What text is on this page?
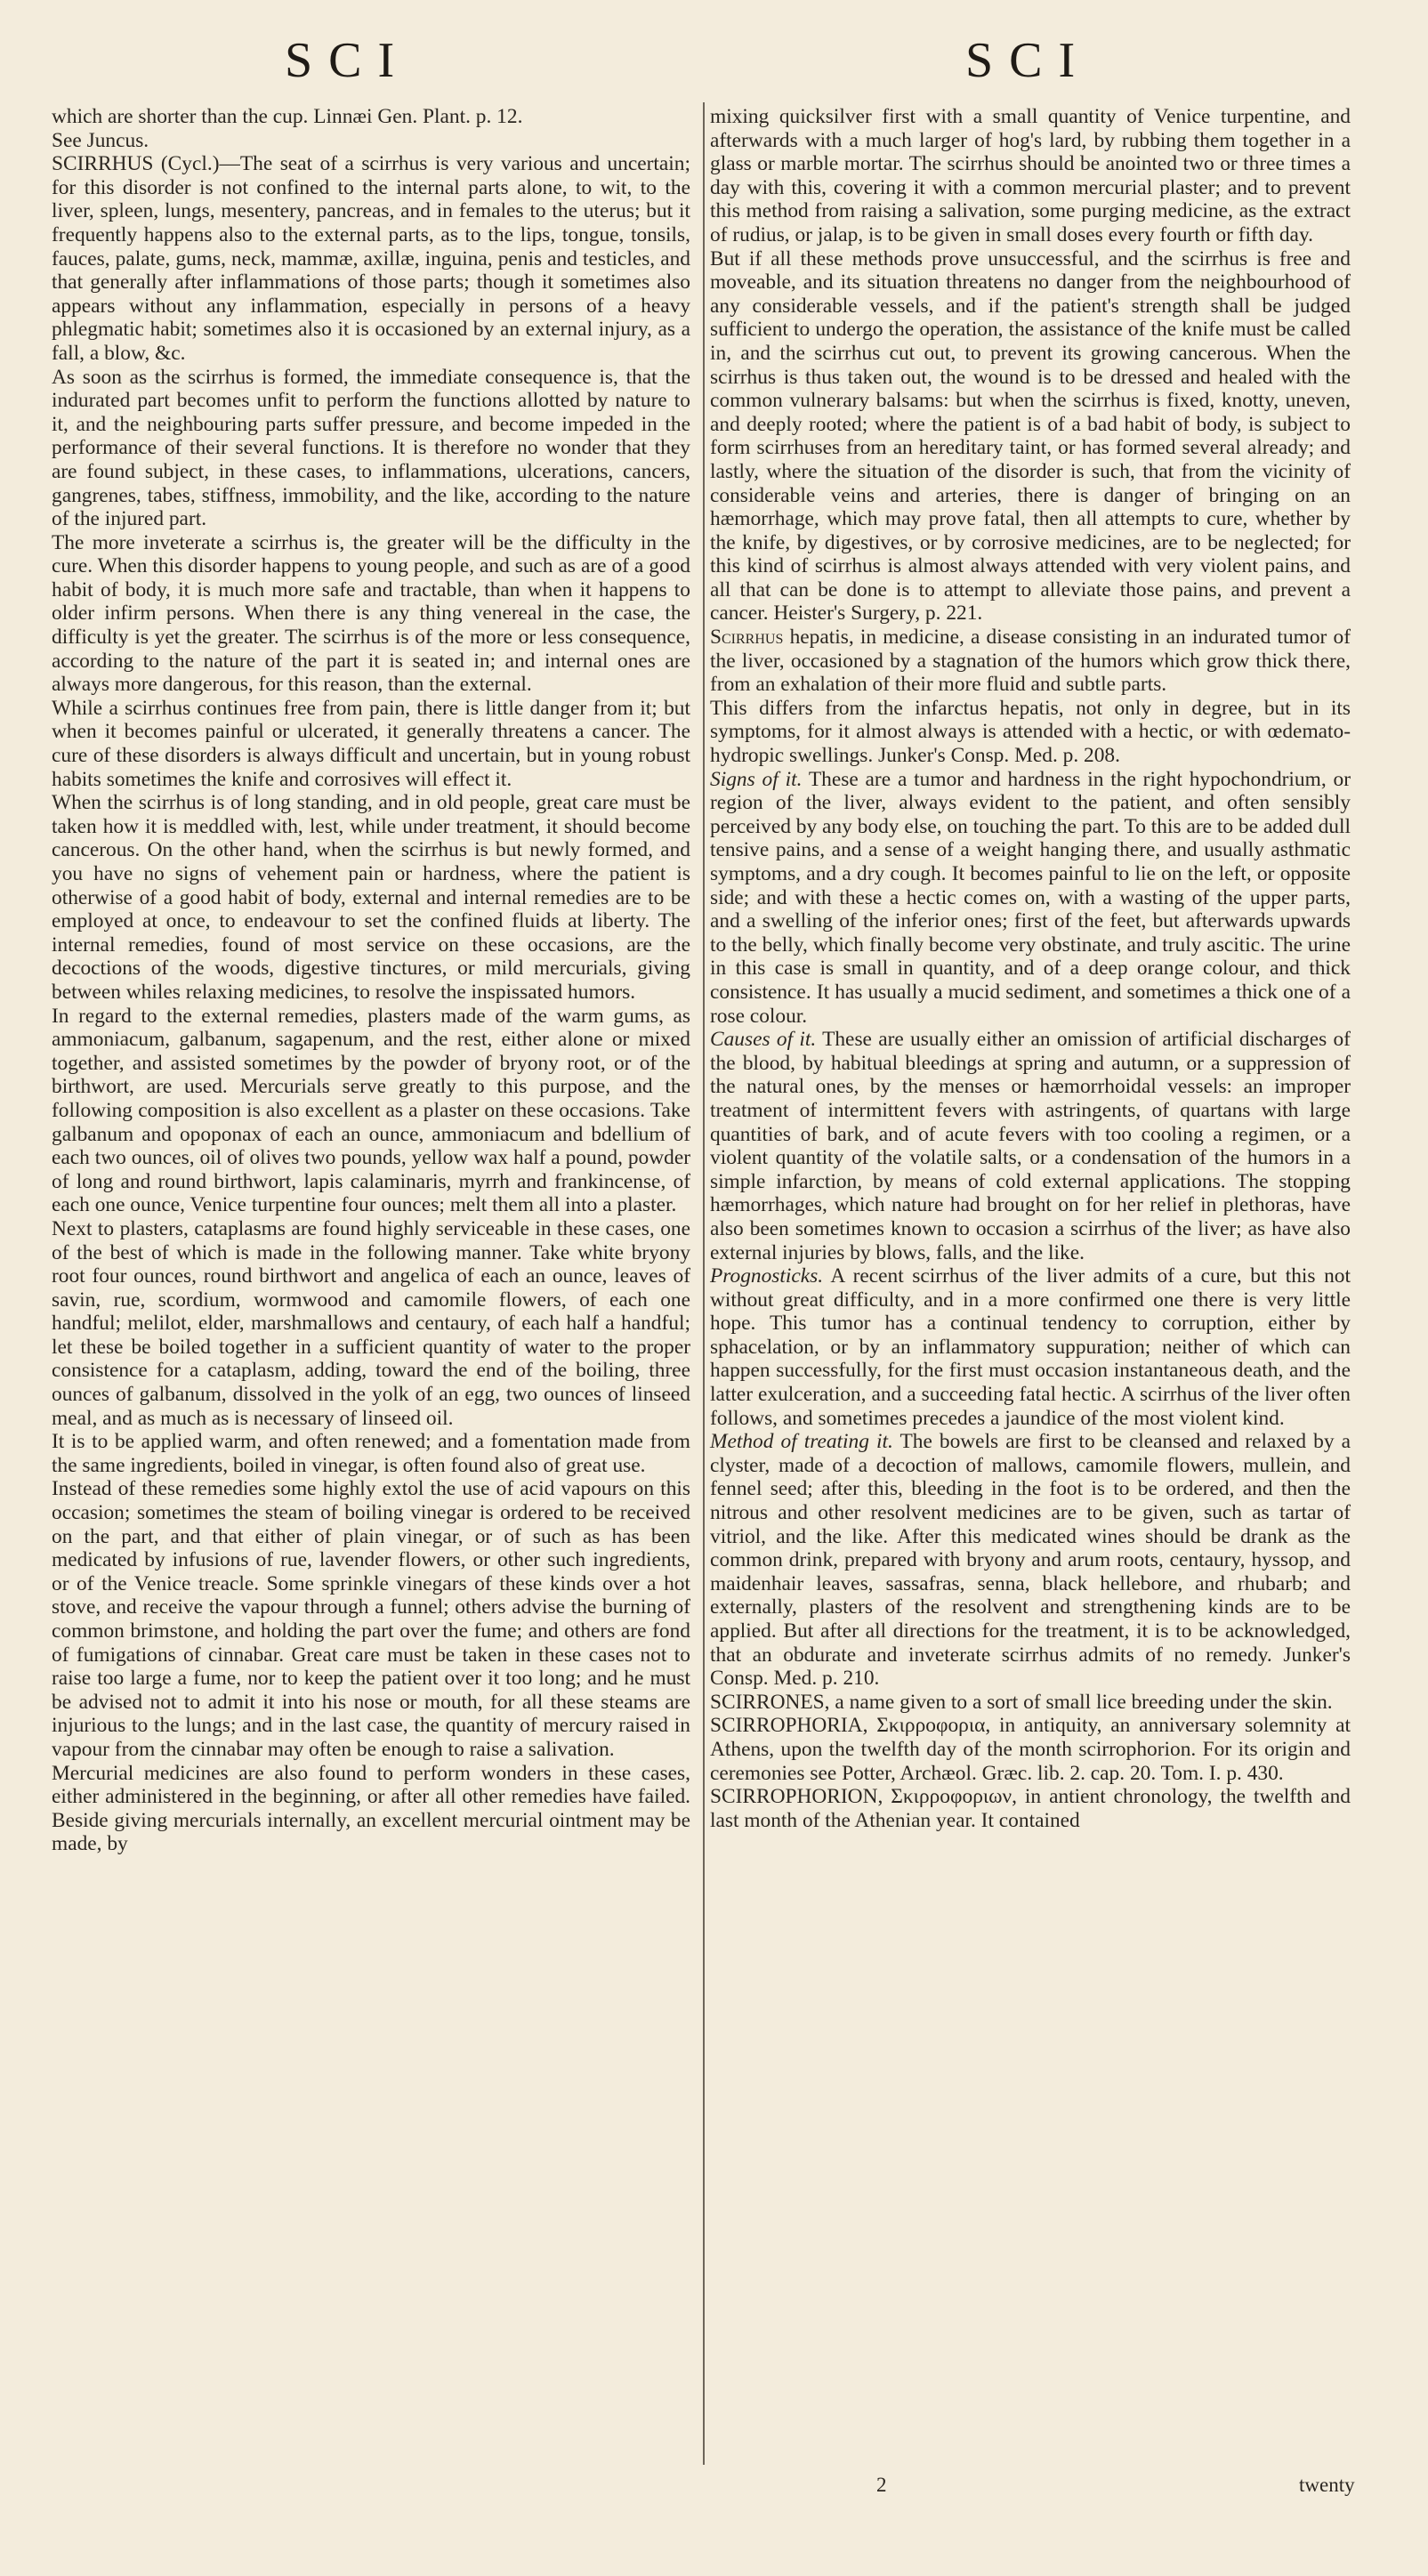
SCI	SCI

which are shorter than the cup. Linnæi Gen. Plant. p. 12.

See Juncus.

SCIRRHUS (Cycl.)—The seat of a scirrhus is very various and uncertain; for this disorder is not confined to the internal parts alone, to wit, to the liver, spleen, lungs, mesentery, pancreas, and in females to the uterus; but it frequently happens also to the external parts, as to the lips, tongue, tonsils, fauces, palate, gums, neck, mammæ, axillæ, inguina, penis and testicles, and that generally after inflammations of those parts; though it sometimes also appears without any inflammation, especially in persons of a heavy phlegmatic habit; sometimes also it is occasioned by an external injury, as a fall, a blow, &c.

As soon as the scirrhus is formed, the immediate consequence is, that the indurated part becomes unfit to perform the functions allotted by nature to it, and the neighbouring parts suffer pressure, and become impeded in the performance of their several functions. It is therefore no wonder that they are found subject, in these cases, to inflammations, ulcerations, cancers, gangrenes, tabes, stiffness, immobility, and the like, according to the nature of the injured part.

The more inveterate a scirrhus is, the greater will be the difficulty in the cure. When this disorder happens to young people, and such as are of a good habit of body, it is much more safe and tractable, than when it happens to older infirm persons. When there is any thing venereal in the case, the difficulty is yet the greater. The scirrhus is of the more or less consequence, according to the nature of the part it is seated in; and internal ones are always more dangerous, for this reason, than the external.

While a scirrhus continues free from pain, there is little danger from it; but when it becomes painful or ulcerated, it generally threatens a cancer. The cure of these disorders is always difficult and uncertain, but in young robust habits sometimes the knife and corrosives will effect it.

When the scirrhus is of long standing, and in old people, great care must be taken how it is meddled with, lest, while under treatment, it should become cancerous. On the other hand, when the scirrhus is but newly formed, and you have no signs of vehement pain or hardness, where the patient is otherwise of a good habit of body, external and internal remedies are to be employed at once, to endeavour to set the confined fluids at liberty. The internal remedies, found of most service on these occasions, are the decoctions of the woods, digestive tinctures, or mild mercurials, giving between whiles relaxing medicines, to resolve the inspissated humors.

In regard to the external remedies, plasters made of the warm gums, as ammoniacum, galbanum, sagapenum, and the rest, either alone or mixed together, and assisted sometimes by the powder of bryony root, or of the birthwort, are used. Mercurials serve greatly to this purpose, and the following composition is also excellent as a plaster on these occasions. Take galbanum and opoponax of each an ounce, ammoniacum and bdellium of each two ounces, oil of olives two pounds, yellow wax half a pound, powder of long and round birthwort, lapis calaminaris, myrrh and frankincense, of each one ounce, Venice turpentine four ounces; melt them all into a plaster.

Next to plasters, cataplasms are found highly serviceable in these cases, one of the best of which is made in the following manner. Take white bryony root four ounces, round birthwort and angelica of each an ounce, leaves of savin, rue, scordium, wormwood and camomile flowers, of each one handful; melilot, elder, marshmallows and centaury, of each half a handful; let these be boiled together in a sufficient quantity of water to the proper consistence for a cataplasm, adding, toward the end of the boiling, three ounces of galbanum, dissolved in the yolk of an egg, two ounces of linseed meal, and as much as is necessary of linseed oil.

It is to be applied warm, and often renewed; and a fomentation made from the same ingredients, boiled in vinegar, is often found also of great use.

Instead of these remedies some highly extol the use of acid vapours on this occasion; sometimes the steam of boiling vinegar is ordered to be received on the part, and that either of plain vinegar, or of such as has been medicated by infusions of rue, lavender flowers, or other such ingredients, or of the Venice treacle. Some sprinkle vinegars of these kinds over a hot stove, and receive the vapour through a funnel; others advise the burning of common brimstone, and holding the part over the fume; and others are fond of fumigations of cinnabar. Great care must be taken in these cases not to raise too large a fume, nor to keep the patient over it too long; and he must be advised not to admit it into his nose or mouth, for all these steams are injurious to the lungs; and in the last case, the quantity of mercury raised in vapour from the cinnabar may often be enough to raise a salivation.

Mercurial medicines are also found to perform wonders in these cases, either administered in the beginning, or after all other remedies have failed. Beside giving mercurials internally, an excellent mercurial ointment may be made, by

mixing quicksilver first with a small quantity of Venice turpentine, and afterwards with a much larger of hog's lard, by rubbing them together in a glass or marble mortar. The scirrhus should be anointed two or three times a day with this, covering it with a common mercurial plaster; and to prevent this method from raising a salivation, some purging medicine, as the extract of rudius, or jalap, is to be given in small doses every fourth or fifth day.

But if all these methods prove unsuccessful, and the scirrhus is free and moveable, and its situation threatens no danger from the neighbourhood of any considerable vessels, and if the patient's strength shall be judged sufficient to undergo the operation, the assistance of the knife must be called in, and the scirrhus cut out, to prevent its growing cancerous. When the scirrhus is thus taken out, the wound is to be dressed and healed with the common vulnerary balsams: but when the scirrhus is fixed, knotty, uneven, and deeply rooted; where the patient is of a bad habit of body, is subject to form scirrhuses from an hereditary taint, or has formed several already; and lastly, where the situation of the disorder is such, that from the vicinity of considerable veins and arteries, there is danger of bringing on an hæmorrhage, which may prove fatal, then all attempts to cure, whether by the knife, by digestives, or by corrosive medicines, are to be neglected; for this kind of scirrhus is almost always attended with very violent pains, and all that can be done is to attempt to alleviate those pains, and prevent a cancer. Heister's Surgery, p. 221.

Scirrhus hepatis, in medicine, a disease consisting in an indurated tumor of the liver, occasioned by a stagnation of the humors which grow thick there, from an exhalation of their more fluid and subtle parts.

This differs from the infarctus hepatis, not only in degree, but in its symptoms, for it almost always is attended with a hectic, or with œdemato-hydropic swellings. Junker's Consp. Med. p. 208.

Signs of it. These are a tumor and hardness in the right hypochondrium, or region of the liver, always evident to the patient, and often sensibly perceived by any body else, on touching the part. To this are to be added dull tensive pains, and a sense of a weight hanging there, and usually asthmatic symptoms, and a dry cough. It becomes painful to lie on the left, or opposite side; and with these a hectic comes on, with a wasting of the upper parts, and a swelling of the inferior ones; first of the feet, but afterwards upwards to the belly, which finally become very obstinate, and truly ascitic. The urine in this case is small in quantity, and of a deep orange colour, and thick consistence. It has usually a mucid sediment, and sometimes a thick one of a rose colour.

Causes of it. These are usually either an omission of artificial discharges of the blood, by habitual bleedings at spring and autumn, or a suppression of the natural ones, by the menses or hæmorrhoidal vessels: an improper treatment of intermittent fevers with astringents, of quartans with large quantities of bark, and of acute fevers with too cooling a regimen, or a violent quantity of the volatile salts, or a condensation of the humors in a simple infarction, by means of cold external applications. The stopping hæmorrhages, which nature had brought on for her relief in plethoras, have also been sometimes known to occasion a scirrhus of the liver; as have also external injuries by blows, falls, and the like.

Prognosticks. A recent scirrhus of the liver admits of a cure, but this not without great difficulty, and in a more confirmed one there is very little hope. This tumor has a continual tendency to corruption, either by sphacelation, or by an inflammatory suppuration; neither of which can happen successfully, for the first must occasion instantaneous death, and the latter exulceration, and a succeeding fatal hectic. A scirrhus of the liver often follows, and sometimes precedes a jaundice of the most violent kind.

Method of treating it. The bowels are first to be cleansed and relaxed by a clyster, made of a decoction of mallows, camomile flowers, mullein, and fennel seed; after this, bleeding in the foot is to be ordered, and then the nitrous and other resolvent medicines are to be given, such as tartar of vitriol, and the like. After this medicated wines should be drank as the common drink, prepared with bryony and arum roots, centaury, hyssop, and maidenhair leaves, sassafras, senna, black hellebore, and rhubarb; and externally, plasters of the resolvent and strengthening kinds are to be applied. But after all directions for the treatment, it is to be acknowledged, that an obdurate and inveterate scirrhus admits of no remedy. Junker's Consp. Med. p. 210.

SCIRRONES, a name given to a sort of small lice breeding under the skin.

SCIRROPHORIA, Σκιρροφορια, in antiquity, an anniversary solemnity at Athens, upon the twelfth day of the month scirrophorion. For its origin and ceremonies see Potter, Archæol. Græc. lib. 2. cap. 20. Tom. I. p. 430.

SCIRROPHORION, Σκιρροφοριων, in antient chronology, the twelfth and last month of the Athenian year. It contained

2	twenty
